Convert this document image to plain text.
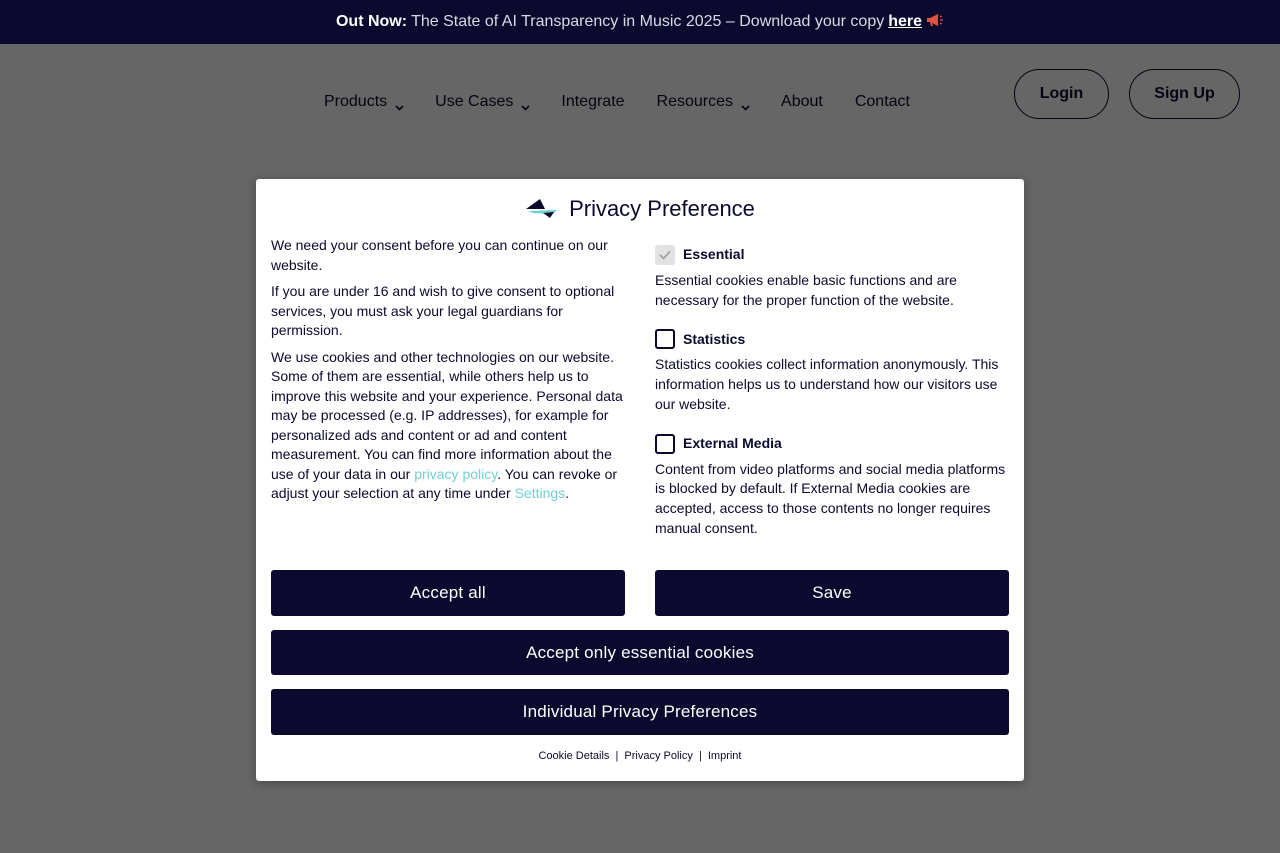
Out Now: The State of AI Transparency in Music 2025 – Download your copy here
Privacy Preference

We need your consent before you can continue on our website.

If you are under 16 and wish to give consent to optional services, you must ask your legal guardians for permission.

We use cookies and other technologies on our website. Some of them are essential, while others help us to improve this website and your experience. Personal data may be processed (e.g. IP addresses), for example for personalized ads and content or ad and content measurement. You can find more information about the use of your data in our privacy policy. You can revoke or adjust your selection at any time under Settings.

Essential
Essential cookies enable basic functions and are necessary for the proper function of the website.
Statistics
Statistics cookies collect information anonymously. This information helps us to understand how our visitors use our website.
External Media
Content from video platforms and social media platforms is blocked by default. If External Media cookies are accepted, access to those contents no longer requires manual consent.
Accept all	Save
Accept only essential cookies
Individual Privacy Preferences
Cookie Details | Privacy Policy | Imprint
